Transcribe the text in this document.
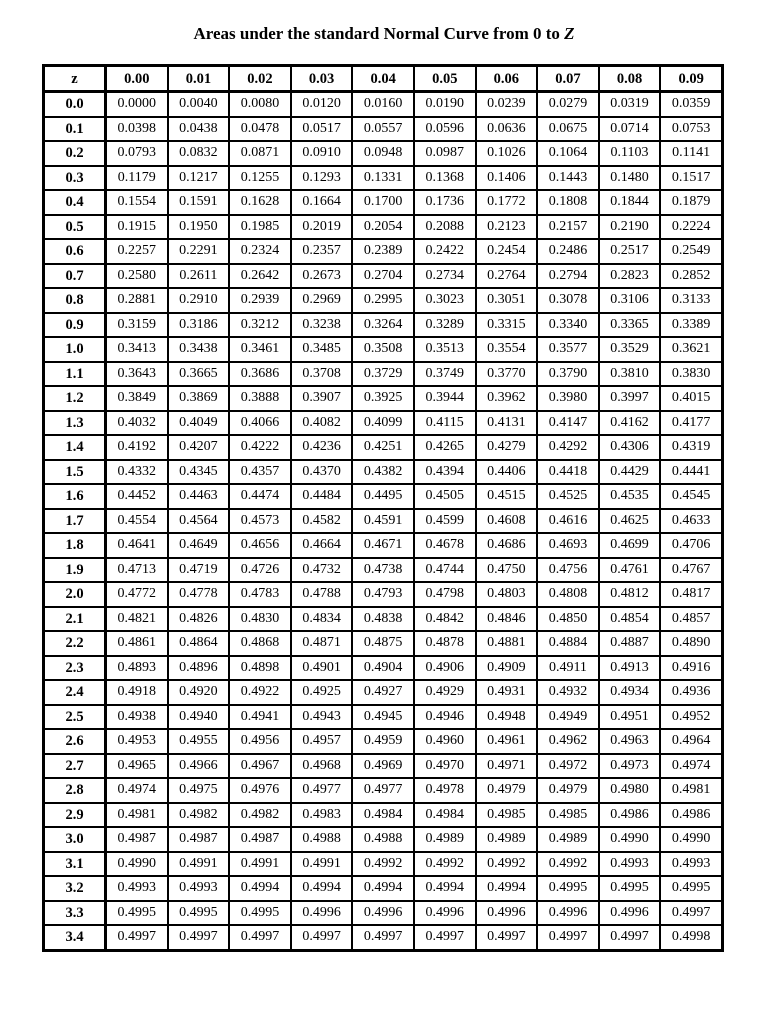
Areas under the standard Normal Curve from 0 to Z
z	0.00	0.01	0.02	0.03	0.04	0.05	0.06	0.07	0.08	0.09
0.0	0.0000	0.0040	0.0080	0.0120	0.0160	0.0190	0.0239	0.0279	0.0319	0.0359
0.1	0.0398	0.0438	0.0478	0.0517	0.0557	0.0596	0.0636	0.0675	0.0714	0.0753
0.2	0.0793	0.0832	0.0871	0.0910	0.0948	0.0987	0.1026	0.1064	0.1103	0.1141
0.3	0.1179	0.1217	0.1255	0.1293	0.1331	0.1368	0.1406	0.1443	0.1480	0.1517
0.4	0.1554	0.1591	0.1628	0.1664	0.1700	0.1736	0.1772	0.1808	0.1844	0.1879
0.5	0.1915	0.1950	0.1985	0.2019	0.2054	0.2088	0.2123	0.2157	0.2190	0.2224
0.6	0.2257	0.2291	0.2324	0.2357	0.2389	0.2422	0.2454	0.2486	0.2517	0.2549
0.7	0.2580	0.2611	0.2642	0.2673	0.2704	0.2734	0.2764	0.2794	0.2823	0.2852
0.8	0.2881	0.2910	0.2939	0.2969	0.2995	0.3023	0.3051	0.3078	0.3106	0.3133
0.9	0.3159	0.3186	0.3212	0.3238	0.3264	0.3289	0.3315	0.3340	0.3365	0.3389
1.0	0.3413	0.3438	0.3461	0.3485	0.3508	0.3513	0.3554	0.3577	0.3529	0.3621
1.1	0.3643	0.3665	0.3686	0.3708	0.3729	0.3749	0.3770	0.3790	0.3810	0.3830
1.2	0.3849	0.3869	0.3888	0.3907	0.3925	0.3944	0.3962	0.3980	0.3997	0.4015
1.3	0.4032	0.4049	0.4066	0.4082	0.4099	0.4115	0.4131	0.4147	0.4162	0.4177
1.4	0.4192	0.4207	0.4222	0.4236	0.4251	0.4265	0.4279	0.4292	0.4306	0.4319
1.5	0.4332	0.4345	0.4357	0.4370	0.4382	0.4394	0.4406	0.4418	0.4429	0.4441
1.6	0.4452	0.4463	0.4474	0.4484	0.4495	0.4505	0.4515	0.4525	0.4535	0.4545
1.7	0.4554	0.4564	0.4573	0.4582	0.4591	0.4599	0.4608	0.4616	0.4625	0.4633
1.8	0.4641	0.4649	0.4656	0.4664	0.4671	0.4678	0.4686	0.4693	0.4699	0.4706
1.9	0.4713	0.4719	0.4726	0.4732	0.4738	0.4744	0.4750	0.4756	0.4761	0.4767
2.0	0.4772	0.4778	0.4783	0.4788	0.4793	0.4798	0.4803	0.4808	0.4812	0.4817
2.1	0.4821	0.4826	0.4830	0.4834	0.4838	0.4842	0.4846	0.4850	0.4854	0.4857
2.2	0.4861	0.4864	0.4868	0.4871	0.4875	0.4878	0.4881	0.4884	0.4887	0.4890
2.3	0.4893	0.4896	0.4898	0.4901	0.4904	0.4906	0.4909	0.4911	0.4913	0.4916
2.4	0.4918	0.4920	0.4922	0.4925	0.4927	0.4929	0.4931	0.4932	0.4934	0.4936
2.5	0.4938	0.4940	0.4941	0.4943	0.4945	0.4946	0.4948	0.4949	0.4951	0.4952
2.6	0.4953	0.4955	0.4956	0.4957	0.4959	0.4960	0.4961	0.4962	0.4963	0.4964
2.7	0.4965	0.4966	0.4967	0.4968	0.4969	0.4970	0.4971	0.4972	0.4973	0.4974
2.8	0.4974	0.4975	0.4976	0.4977	0.4977	0.4978	0.4979	0.4979	0.4980	0.4981
2.9	0.4981	0.4982	0.4982	0.4983	0.4984	0.4984	0.4985	0.4985	0.4986	0.4986
3.0	0.4987	0.4987	0.4987	0.4988	0.4988	0.4989	0.4989	0.4989	0.4990	0.4990
3.1	0.4990	0.4991	0.4991	0.4991	0.4992	0.4992	0.4992	0.4992	0.4993	0.4993
3.2	0.4993	0.4993	0.4994	0.4994	0.4994	0.4994	0.4994	0.4995	0.4995	0.4995
3.3	0.4995	0.4995	0.4995	0.4996	0.4996	0.4996	0.4996	0.4996	0.4996	0.4997
3.4	0.4997	0.4997	0.4997	0.4997	0.4997	0.4997	0.4997	0.4997	0.4997	0.4998
